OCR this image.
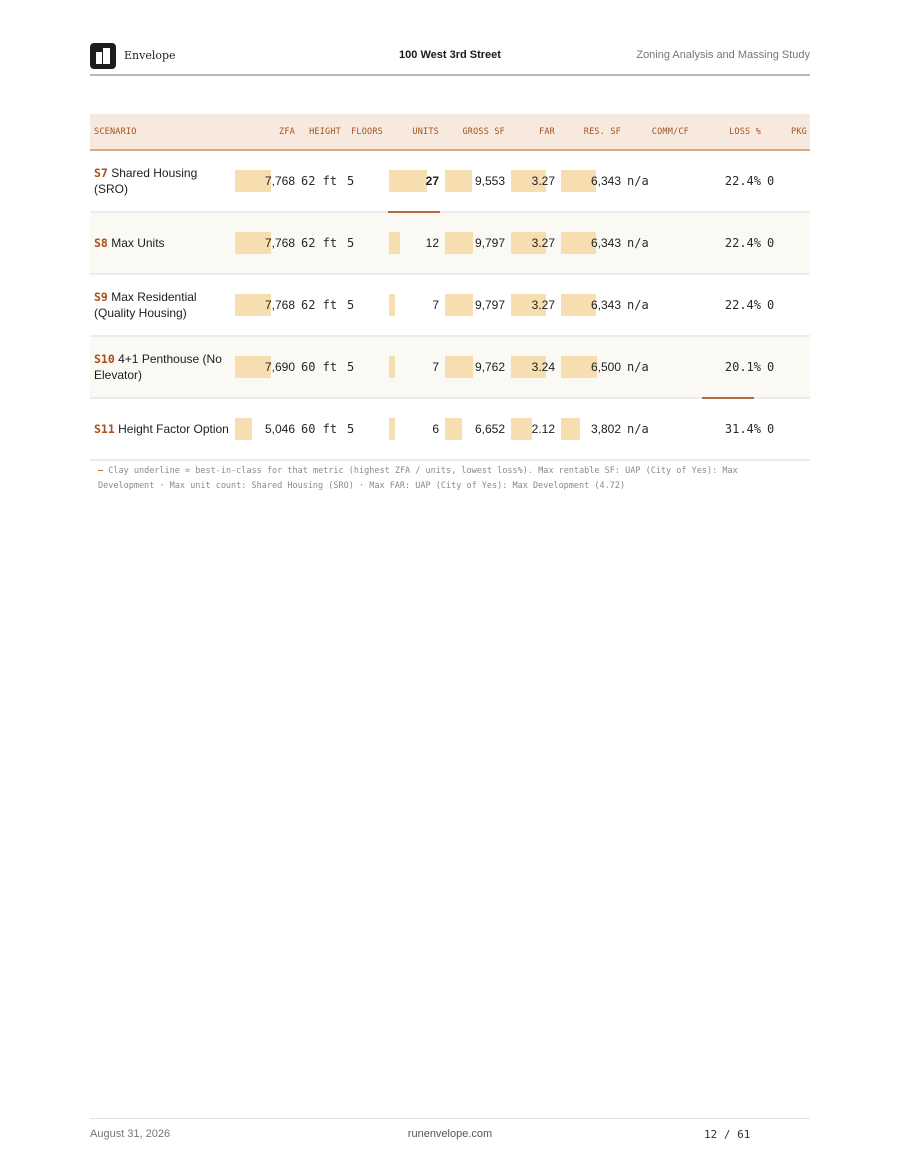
Envelope	100 West 3rd Street	Zoning Analysis and Massing Study
SCENARIO	ZFA	HEIGHT	FLOORS	UNITS	GROSS SF	FAR	RES. SF	COMM/CF	LOSS %	PKG
S7 Shared Housing (SRO)	7,768	62 ft	5	27	9,553	3.27	6,343	n/a	22.4%	0
S8 Max Units	7,768	62 ft	5	12	9,797	3.27	6,343	n/a	22.4%	0
S9 Max Residential (Quality Housing)	7,768	62 ft	5	7	9,797	3.27	6,343	n/a	22.4%	0
S10 4+1 Penthouse (No Elevator)	7,690	60 ft	5	7	9,762	3.24	6,500	n/a	20.1%	0
S11 Height Factor Option	5,046	60 ft	5	6	6,652	2.12	3,802	n/a	31.4%	0
— Clay underline = best-in-class for that metric (highest ZFA / units, lowest loss%). Max rentable SF: UAP (City of Yes): Max Development · Max unit count: Shared Housing (SRO) · Max FAR: UAP (City of Yes): Max Development (4.72)
August 31, 2026	runenvelope.com	12 / 61
